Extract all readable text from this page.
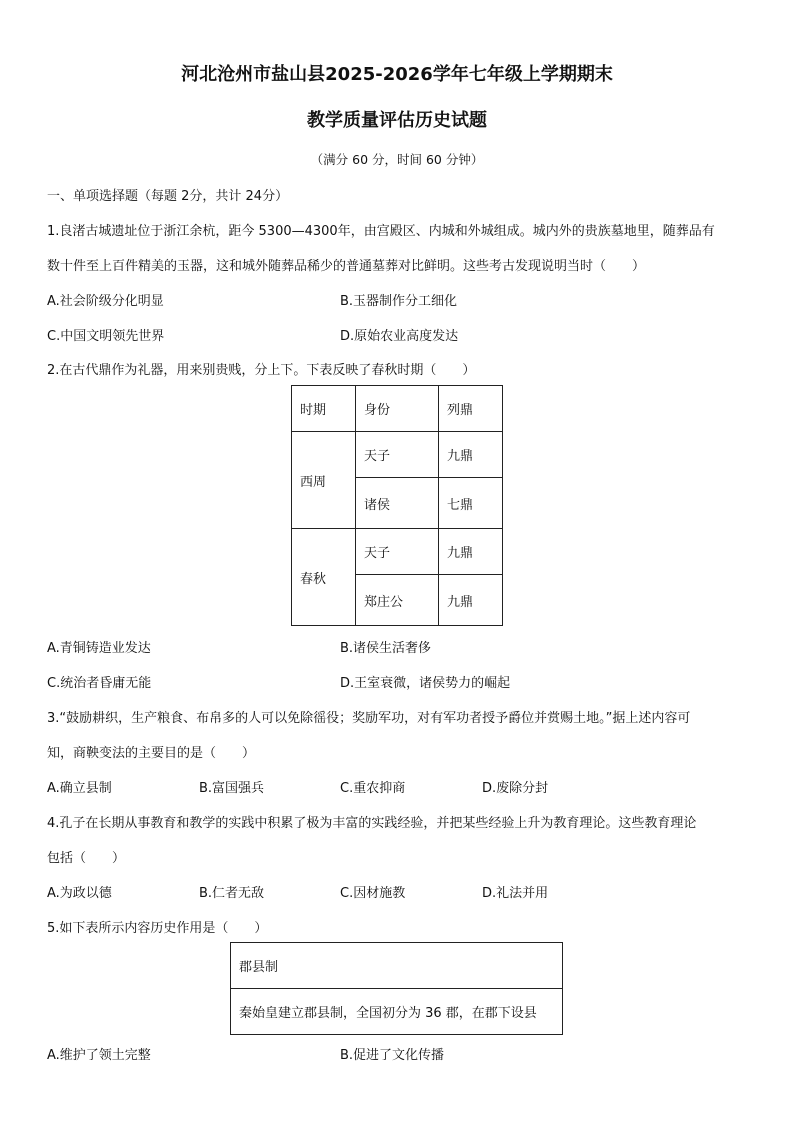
河北沧州市盐山县2025-2026学年七年级上学期期末
教学质量评估历史试题
（满分 60 分，时间 60 分钟）
一、单项选择题（每题 2分，共计 24分）
1.良渚古城遗址位于浙江余杭，距今 5300—4300年，由宫殿区、内城和外城组成。城内外的贵族墓地里，随葬品有
数十件至上百件精美的玉器，这和城外随葬品稀少的普通墓葬对比鲜明。这些考古发现说明当时（　　）
A.社会阶级分化明显	B.玉器制作分工细化
C.中国文明领先世界	D.原始农业高度发达
2.在古代鼎作为礼器，用来别贵贱，分上下。下表反映了春秋时期（　　）
时期	身份	列鼎
西周	天子	九鼎
	诸侯	七鼎
春秋	天子	九鼎
	郑庄公	九鼎
A.青铜铸造业发达	B.诸侯生活奢侈
C.统治者昏庸无能	D.王室衰微，诸侯势力的崛起
3.“鼓励耕织，生产粮食、布帛多的人可以免除徭役；奖励军功，对有军功者授予爵位并赏赐土地。”据上述内容可
知，商鞅变法的主要目的是（　　）
A.确立县制	B.富国强兵	C.重农抑商	D.废除分封
4.孔子在长期从事教育和教学的实践中积累了极为丰富的实践经验，并把某些经验上升为教育理论。这些教育理论
包括（　　）
A.为政以德	B.仁者无敌	C.因材施教	D.礼法并用
5.如下表所示内容历史作用是（　　）
郡县制
秦始皇建立郡县制，全国初分为 36 郡，在郡下设县
A.维护了领土完整	B.促进了文化传播
